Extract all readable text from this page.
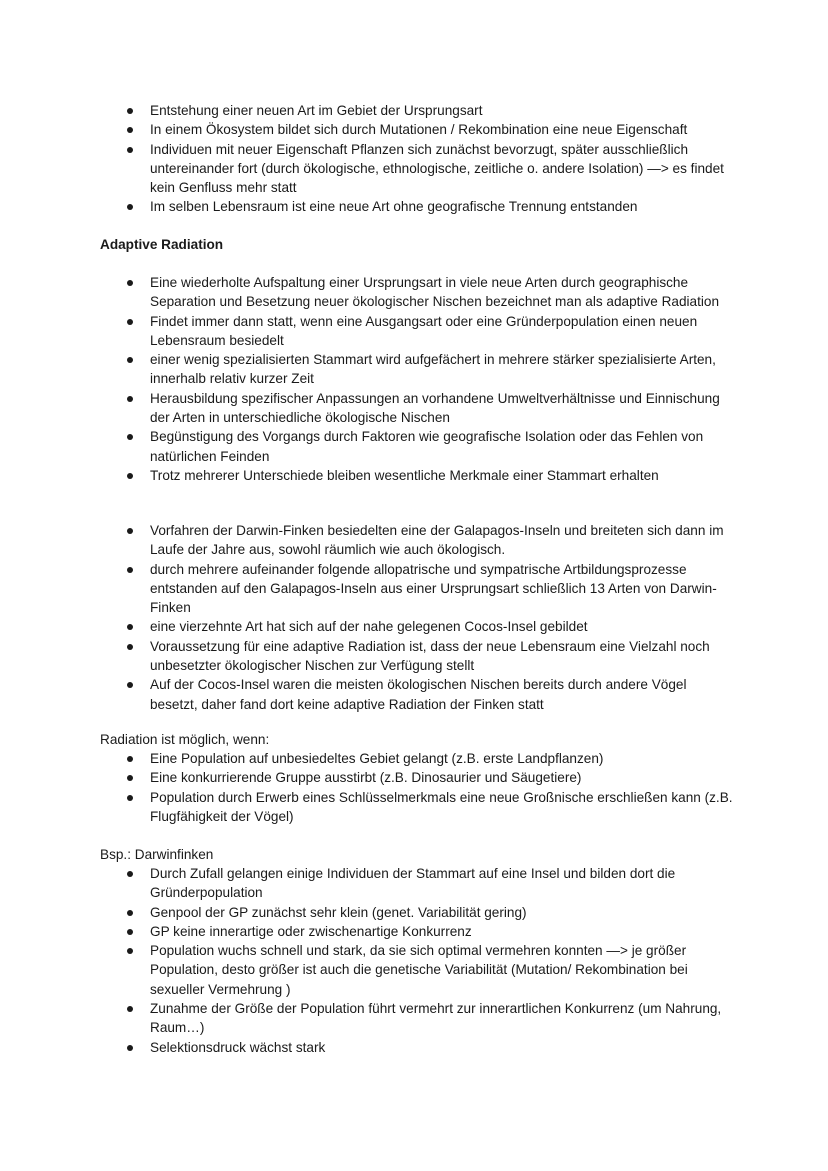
Entstehung einer neuen Art im Gebiet der Ursprungsart
In einem Ökosystem bildet sich durch Mutationen / Rekombination eine neue Eigenschaft
Individuen mit neuer Eigenschaft Pflanzen sich zunächst bevorzugt, später ausschließlich untereinander fort (durch ökologische, ethnologische, zeitliche o. andere Isolation) —> es findet kein Genfluss mehr statt
Im selben Lebensraum ist eine neue Art ohne geografische Trennung entstanden
Adaptive Radiation
Eine wiederholte Aufspaltung einer Ursprungsart in viele neue Arten durch geographische Separation und Besetzung neuer ökologischer Nischen bezeichnet man als adaptive Radiation
Findet immer dann statt, wenn eine Ausgangsart oder eine Gründerpopulation einen neuen Lebensraum besiedelt
einer wenig spezialisierten Stammart wird aufgefächert in mehrere stärker spezialisierte Arten, innerhalb relativ kurzer Zeit
Herausbildung spezifischer Anpassungen an vorhandene Umweltverhältnisse und Einnischung der Arten in unterschiedliche ökologische Nischen
Begünstigung des Vorgangs durch Faktoren wie geografische Isolation oder das Fehlen von natürlichen Feinden
Trotz mehrerer Unterschiede bleiben wesentliche Merkmale einer Stammart erhalten
Vorfahren der Darwin-Finken besiedelten eine der Galapagos-Inseln und breiteten sich dann im Laufe der Jahre aus, sowohl räumlich wie auch ökologisch.
durch mehrere aufeinander folgende allopatrische und sympatrische Artbildungsprozesse entstanden auf den Galapagos-Inseln aus einer Ursprungsart schließlich 13 Arten von Darwin-Finken
eine vierzehnte Art hat sich auf der nahe gelegenen Cocos-Insel gebildet
Voraussetzung für eine adaptive Radiation ist, dass der neue Lebensraum eine Vielzahl noch unbesetzter ökologischer Nischen zur Verfügung stellt
Auf der Cocos-Insel waren die meisten ökologischen Nischen bereits durch andere Vögel besetzt, daher fand dort keine adaptive Radiation der Finken statt
Radiation ist möglich, wenn:
Eine Population auf unbesiedeltes Gebiet gelangt (z.B. erste Landpflanzen)
Eine konkurrierende Gruppe ausstirbt (z.B. Dinosaurier und Säugetiere)
Population durch Erwerb eines Schlüsselmerkmals eine neue Großnische erschließen kann (z.B. Flugfähigkeit der Vögel)
Bsp.: Darwinfinken
Durch Zufall gelangen einige Individuen der Stammart auf eine Insel und bilden dort die Gründerpopulation
Genpool der GP zunächst sehr klein (genet. Variabilität gering)
GP keine innerartige oder zwischenartige Konkurrenz
Population wuchs schnell und stark, da sie sich optimal vermehren konnten —> je größer Population, desto größer ist auch die genetische Variabilität (Mutation/ Rekombination bei sexueller Vermehrung )
Zunahme der Größe der Population führt vermehrt zur innerartlichen Konkurrenz (um Nahrung, Raum…)
Selektionsdruck wächst stark
